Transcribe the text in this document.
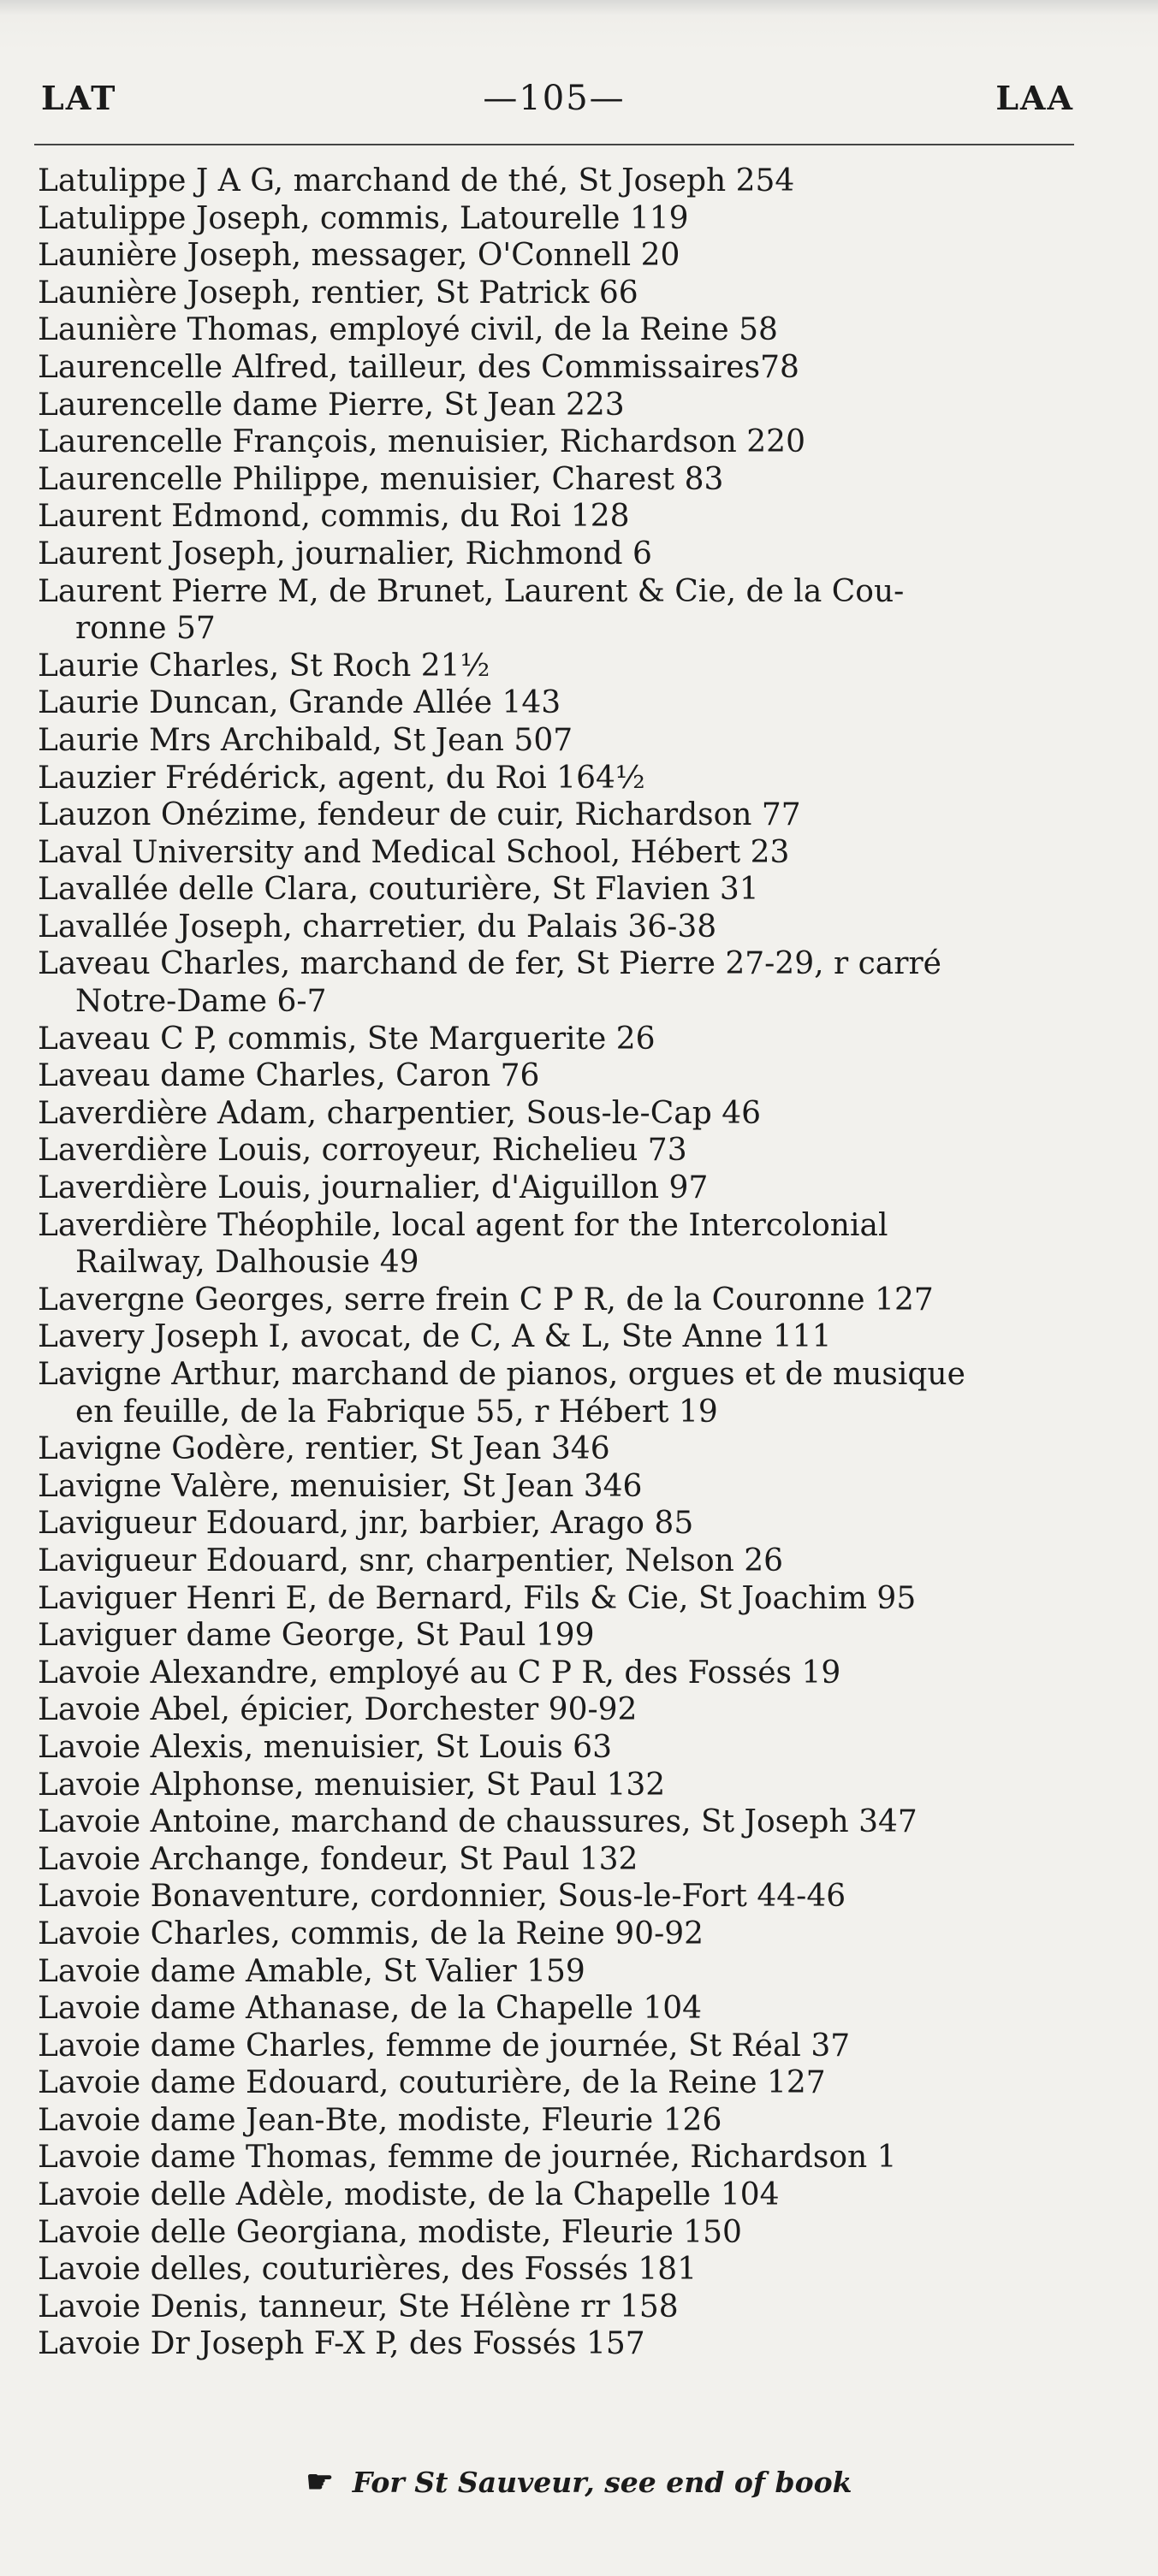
LAT	—105—	LAA
Latulippe J A G, marchand de thé, St Joseph 254
Latulippe Joseph, commis, Latourelle 119
Launière Joseph, messager, O'Connell 20
Launière Joseph, rentier, St Patrick 66
Launière Thomas, employé civil, de la Reine 58
Laurencelle Alfred, tailleur, des Commissaires78
Laurencelle dame Pierre, St Jean 223
Laurencelle François, menuisier, Richardson 220
Laurencelle Philippe, menuisier, Charest 83
Laurent Edmond, commis, du Roi 128
Laurent Joseph, journalier, Richmond 6
Laurent Pierre M, de Brunet, Laurent & Cie, de la Cou-
ronne 57
Laurie Charles, St Roch 21½
Laurie Duncan, Grande Allée 143
Laurie Mrs Archibald, St Jean 507
Lauzier Frédérick, agent, du Roi 164½
Lauzon Onézime, fendeur de cuir, Richardson 77
Laval University and Medical School, Hébert 23
Lavallée delle Clara, couturière, St Flavien 31
Lavallée Joseph, charretier, du Palais 36-38
Laveau Charles, marchand de fer, St Pierre 27-29, r carré
Notre-Dame 6-7
Laveau C P, commis, Ste Marguerite 26
Laveau dame Charles, Caron 76
Laverdière Adam, charpentier, Sous-le-Cap 46
Laverdière Louis, corroyeur, Richelieu 73
Laverdière Louis, journalier, d'Aiguillon 97
Laverdière Théophile, local agent for the Intercolonial
Railway, Dalhousie 49
Lavergne Georges, serre frein C P R, de la Couronne 127
Lavery Joseph I, avocat, de C, A & L, Ste Anne 111
Lavigne Arthur, marchand de pianos, orgues et de musique
en feuille, de la Fabrique 55, r Hébert 19
Lavigne Godère, rentier, St Jean 346
Lavigne Valère, menuisier, St Jean 346
Lavigueur Edouard, jnr, barbier, Arago 85
Lavigueur Edouard, snr, charpentier, Nelson 26
Laviguer Henri E, de Bernard, Fils & Cie, St Joachim 95
Laviguer dame George, St Paul 199
Lavoie Alexandre, employé au C P R, des Fossés 19
Lavoie Abel, épicier, Dorchester 90-92
Lavoie Alexis, menuisier, St Louis 63
Lavoie Alphonse, menuisier, St Paul 132
Lavoie Antoine, marchand de chaussures, St Joseph 347
Lavoie Archange, fondeur, St Paul 132
Lavoie Bonaventure, cordonnier, Sous-le-Fort 44-46
Lavoie Charles, commis, de la Reine 90-92
Lavoie dame Amable, St Valier 159
Lavoie dame Athanase, de la Chapelle 104
Lavoie dame Charles, femme de journée, St Réal 37
Lavoie dame Edouard, couturière, de la Reine 127
Lavoie dame Jean-Bte, modiste, Fleurie 126
Lavoie dame Thomas, femme de journée, Richardson 1
Lavoie delle Adèle, modiste, de la Chapelle 104
Lavoie delle Georgiana, modiste, Fleurie 150
Lavoie delles, couturières, des Fossés 181
Lavoie Denis, tanneur, Ste Hélène rr 158
Lavoie Dr Joseph F-X P, des Fossés 157
☛ For St Sauveur, see end of book
